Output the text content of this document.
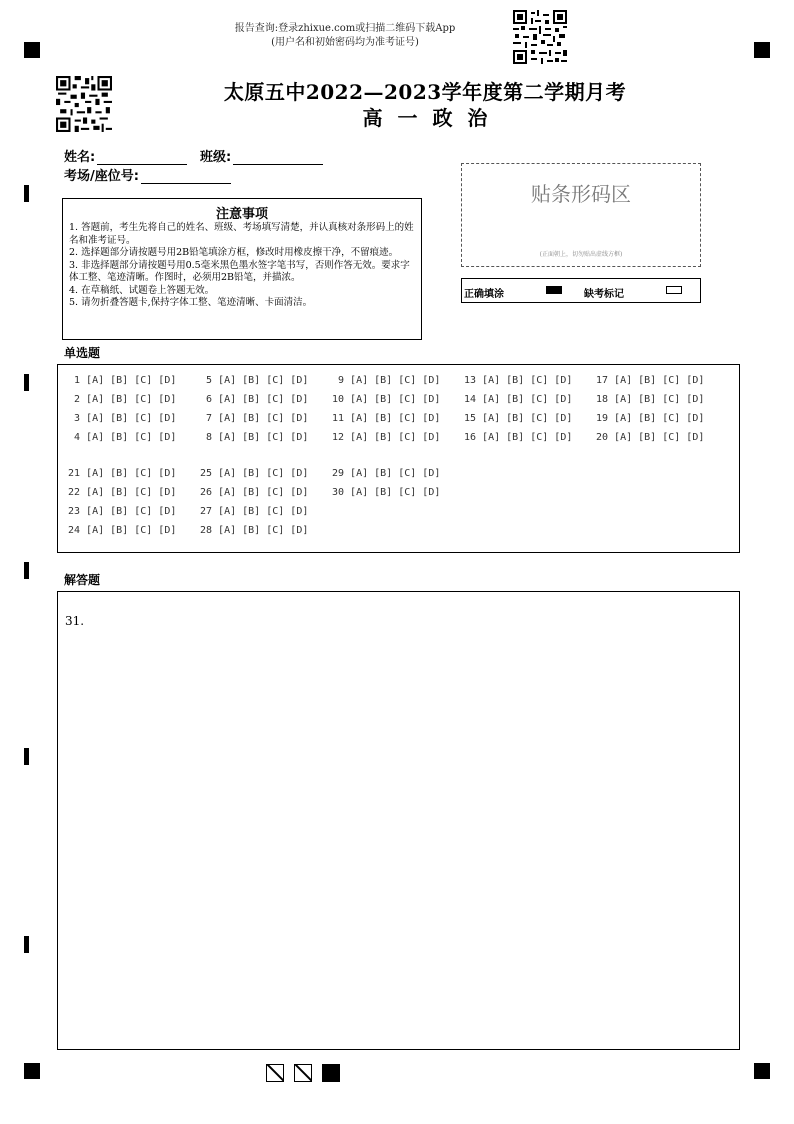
报告查询:登录zhixue.com或扫描二维码下载App
(用户名和初始密码均为准考证号)
太原五中2022—2023学年度第二学期月考
高 一 政 治
姓名:	班级:
考场/座位号:
注意事项
1. 答题前，考生先将自己的姓名、班级、考场填写清楚，并认真核对条形码上的姓名和准考证号。
2. 选择题部分请按题号用2B铅笔填涂方框，修改时用橡皮擦干净，不留痕迹。
3. 非选择题部分请按题号用0.5毫米黑色墨水签字笔书写，否则作答无效。要求字体工整、笔迹清晰。作图时，必须用2B铅笔，并描浓。
4. 在草稿纸、试题卷上答题无效。
5. 请勿折叠答题卡,保持字体工整、笔迹清晰、卡面清洁。
贴条形码区
(正面朝上，切勿贴出虚线方框)
正确填涂	缺考标记
单选题
1 [A] [B] [C] [D] 5 [A] [B] [C] [D] 9 [A] [B] [C] [D] 13 [A] [B] [C] [D] 17 [A] [B] [C] [D]
2 [A] [B] [C] [D] 6 [A] [B] [C] [D] 10 [A] [B] [C] [D] 14 [A] [B] [C] [D] 18 [A] [B] [C] [D]
3 [A] [B] [C] [D] 7 [A] [B] [C] [D] 11 [A] [B] [C] [D] 15 [A] [B] [C] [D] 19 [A] [B] [C] [D]
4 [A] [B] [C] [D] 8 [A] [B] [C] [D] 12 [A] [B] [C] [D] 16 [A] [B] [C] [D] 20 [A] [B] [C] [D]
21 [A] [B] [C] [D] 25 [A] [B] [C] [D] 29 [A] [B] [C] [D]
22 [A] [B] [C] [D] 26 [A] [B] [C] [D] 30 [A] [B] [C] [D]
23 [A] [B] [C] [D] 27 [A] [B] [C] [D]
24 [A] [B] [C] [D] 28 [A] [B] [C] [D]
解答题
31.
